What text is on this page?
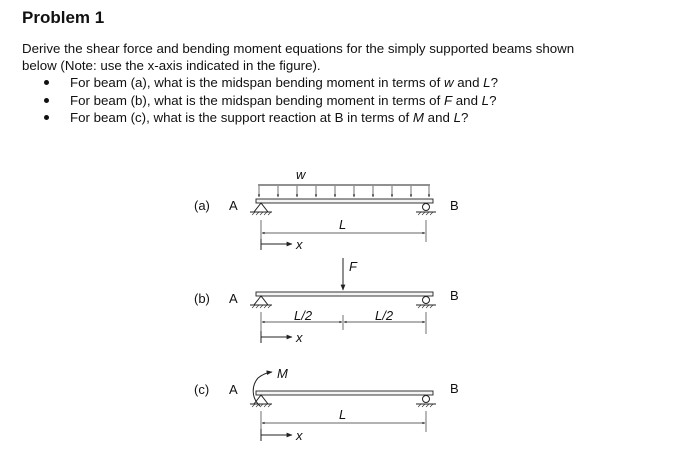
Problem 1
Derive the shear force and bending moment equations for the simply supported beams shown
below (Note: use the x-axis indicated in the figure).
For beam (a), what is the midspan bending moment in terms of w and L?
For beam (b), what is the midspan bending moment in terms of F and L?
For beam (c), what is the support reaction at B in terms of M and L?
(a) A	B
w
L
x
(b) A	B
F
L/2	L/2
x
(c) A	B
M
L
x
